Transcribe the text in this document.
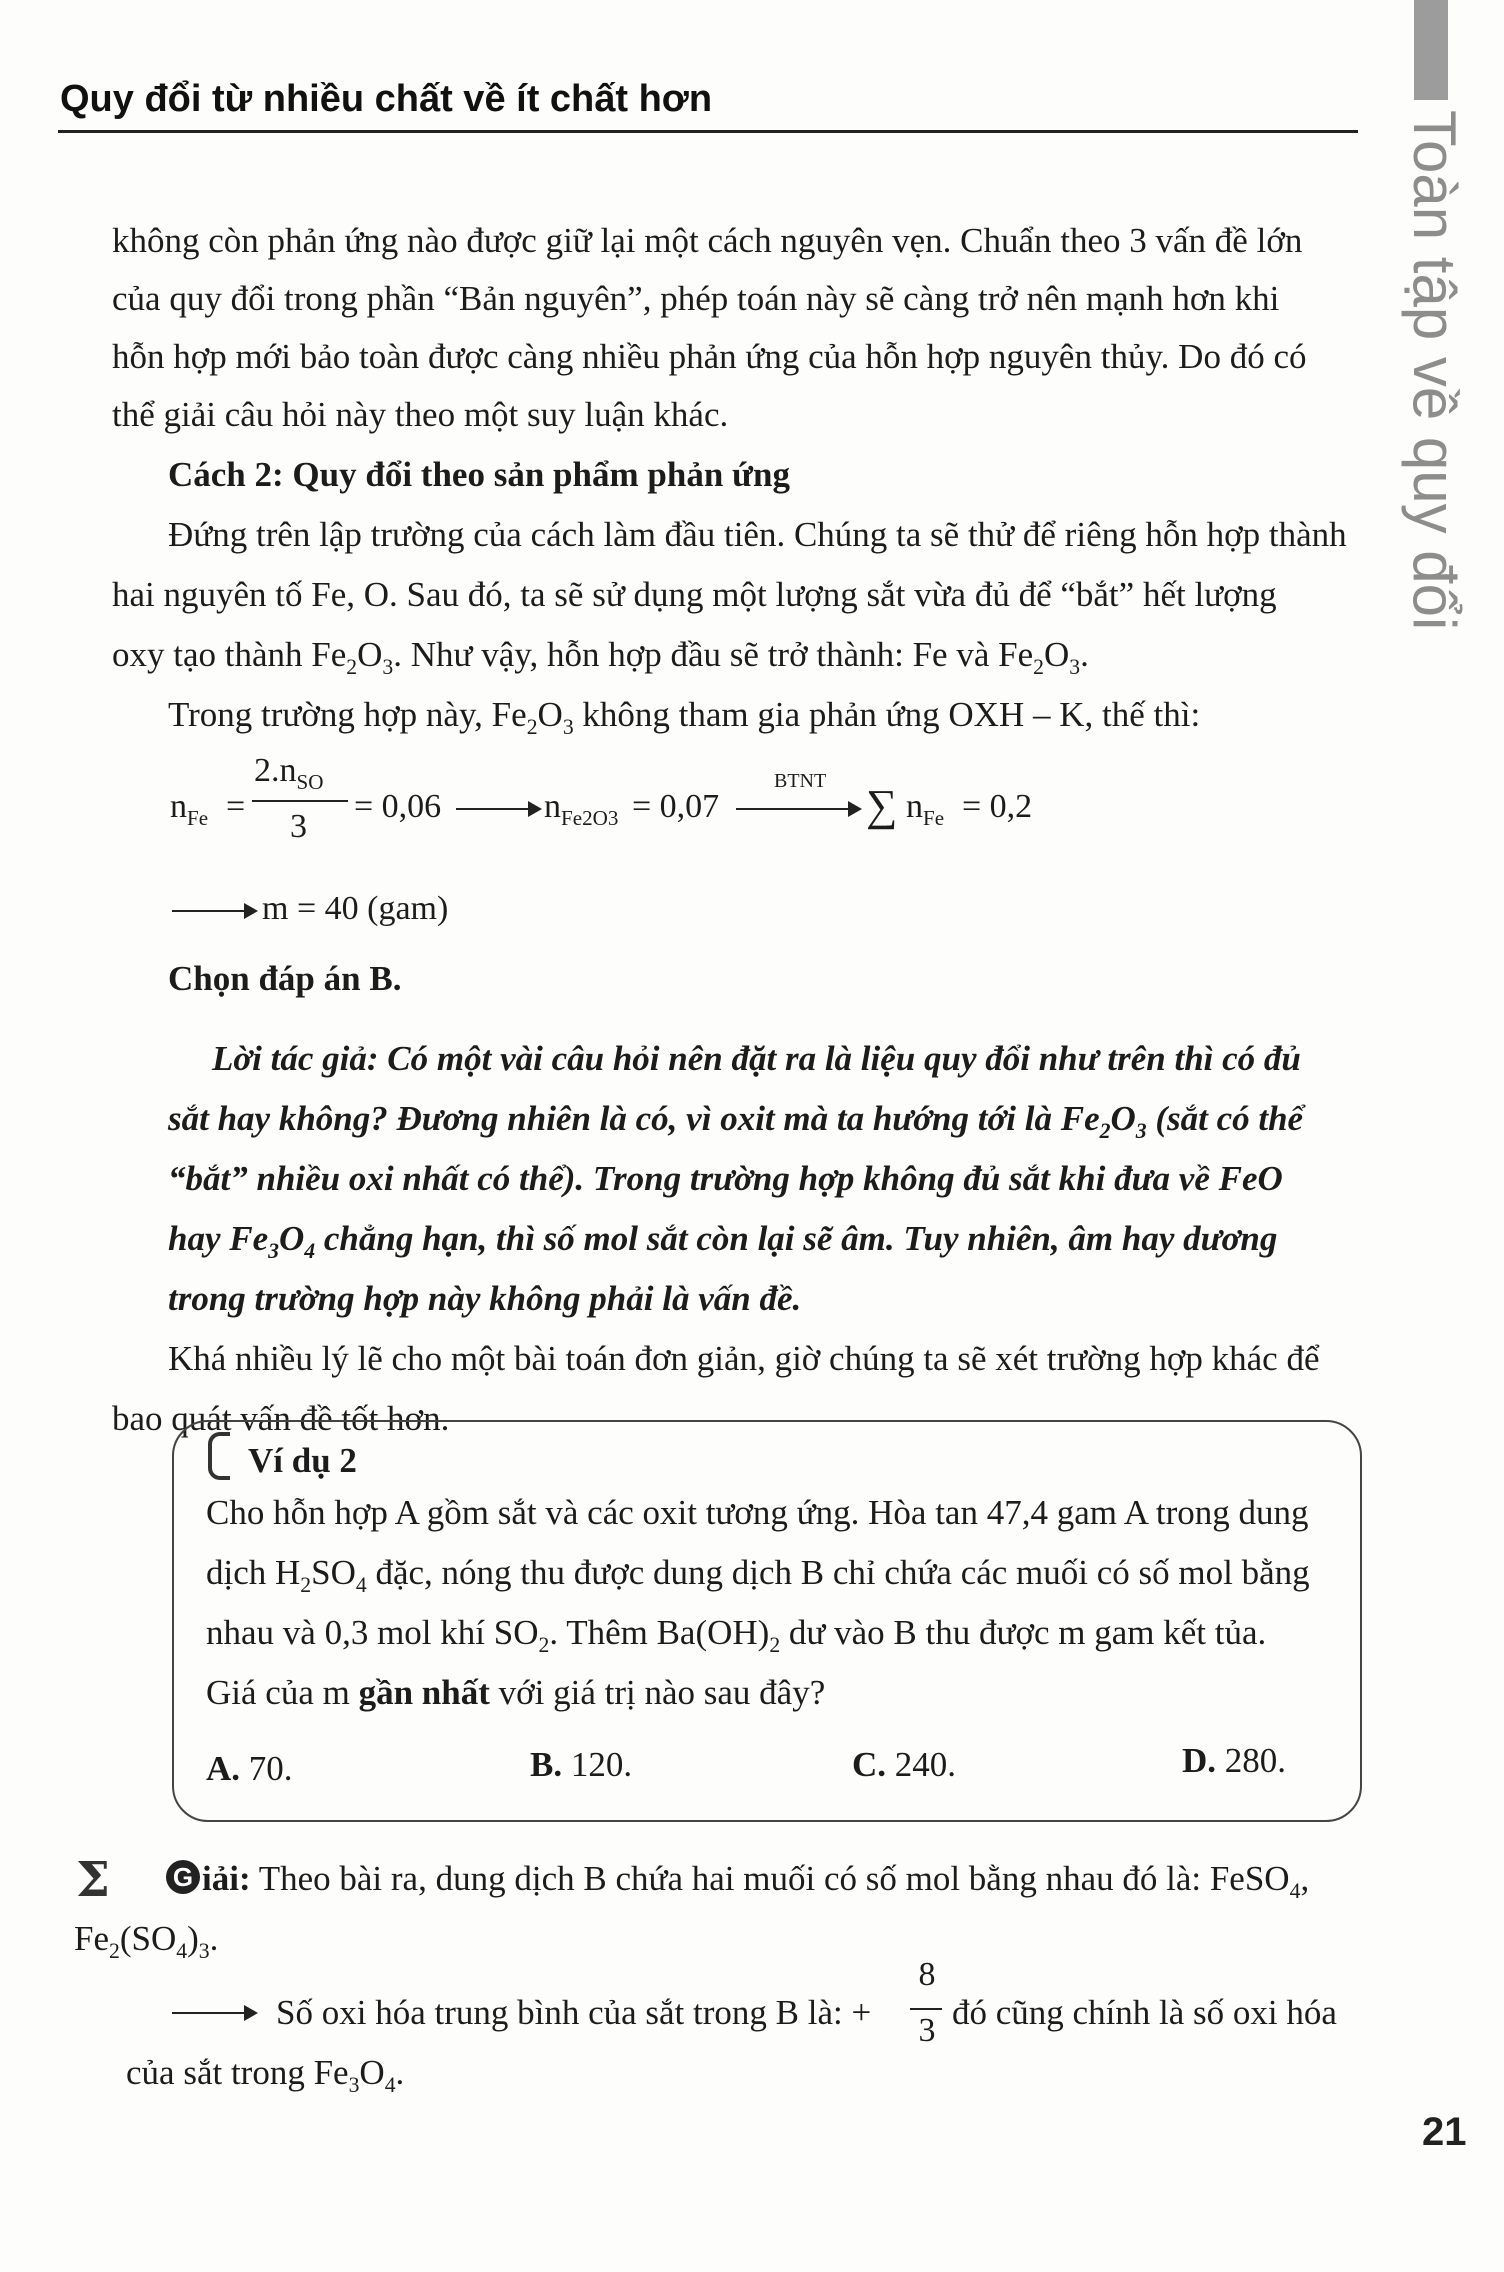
Quy đổi từ nhiều chất về ít chất hơn
Toàn tập về quy đổi
không còn phản ứng nào được giữ lại một cách nguyên vẹn. Chuẩn theo 3 vấn đề lớn
của quy đổi trong phần “Bản nguyên”, phép toán này sẽ càng trở nên mạnh hơn khi
hỗn hợp mới bảo toàn được càng nhiều phản ứng của hỗn hợp nguyên thủy. Do đó có
thể giải câu hỏi này theo một suy luận khác.
Cách 2: Quy đổi theo sản phẩm phản ứng
Đứng trên lập trường của cách làm đầu tiên. Chúng ta sẽ thử để riêng hỗn hợp thành
hai nguyên tố Fe, O. Sau đó, ta sẽ sử dụng một lượng sắt vừa đủ để “bắt” hết lượng
oxy tạo thành $Fe_2O_3$. Như vậy, hỗn hợp đầu sẽ trở thành: Fe và $Fe_2O_3$.
Trong trường hợp này, $Fe_2O_3$ không tham gia phản ứng OXH – K, thế thì:
$n_{Fe}$ =
$2.n_{SO}$
3
= 0,06	$n_{Fe2O3} = 0,07$
BTNT ∑ $n_{Fe} = 0,2$
m = 40 (gam)
Chọn đáp án B.
Lời tác giả: Có một vài câu hỏi nên đặt ra là liệu quy đổi như trên thì có đủ
sắt hay không? Đương nhiên là có, vì oxit mà ta hướng tới là $Fe_2O_3$ (sắt có thể
“bắt” nhiều oxi nhất có thể). Trong trường hợp không đủ sắt khi đưa về FeO
hay $Fe_3O_4$ chẳng hạn, thì số mol sắt còn lại sẽ âm. Tuy nhiên, âm hay dương
trong trường hợp này không phải là vấn đề.
Khá nhiều lý lẽ cho một bài toán đơn giản, giờ chúng ta sẽ xét trường hợp khác để
bao quát vấn đề tốt hơn.
Ví dụ 2
Cho hỗn hợp A gồm sắt và các oxit tương ứng. Hòa tan 47,4 gam A trong dung
dịch $H_2SO_4$ đặc, nóng thu được dung dịch B chỉ chứa các muối có số mol bằng
nhau và 0,3 mol khí $SO_2$. Thêm $Ba(OH)_2$ dư vào B thu được m gam kết tủa.
Giá của m gần nhất với giá trị nào sau đây?
A. 70.	B. 120.	C. 240.	D. 280.
Σ G iải: Theo bài ra, dung dịch B chứa hai muối có số mol bằng nhau đó là: FeSO$_4$,
$Fe_2(SO_4)_3$.
Số oxi hóa trung bình của sắt trong B là: +
8
3 đó cũng chính là số oxi hóa
của sắt trong $Fe_3O_4$.
21
